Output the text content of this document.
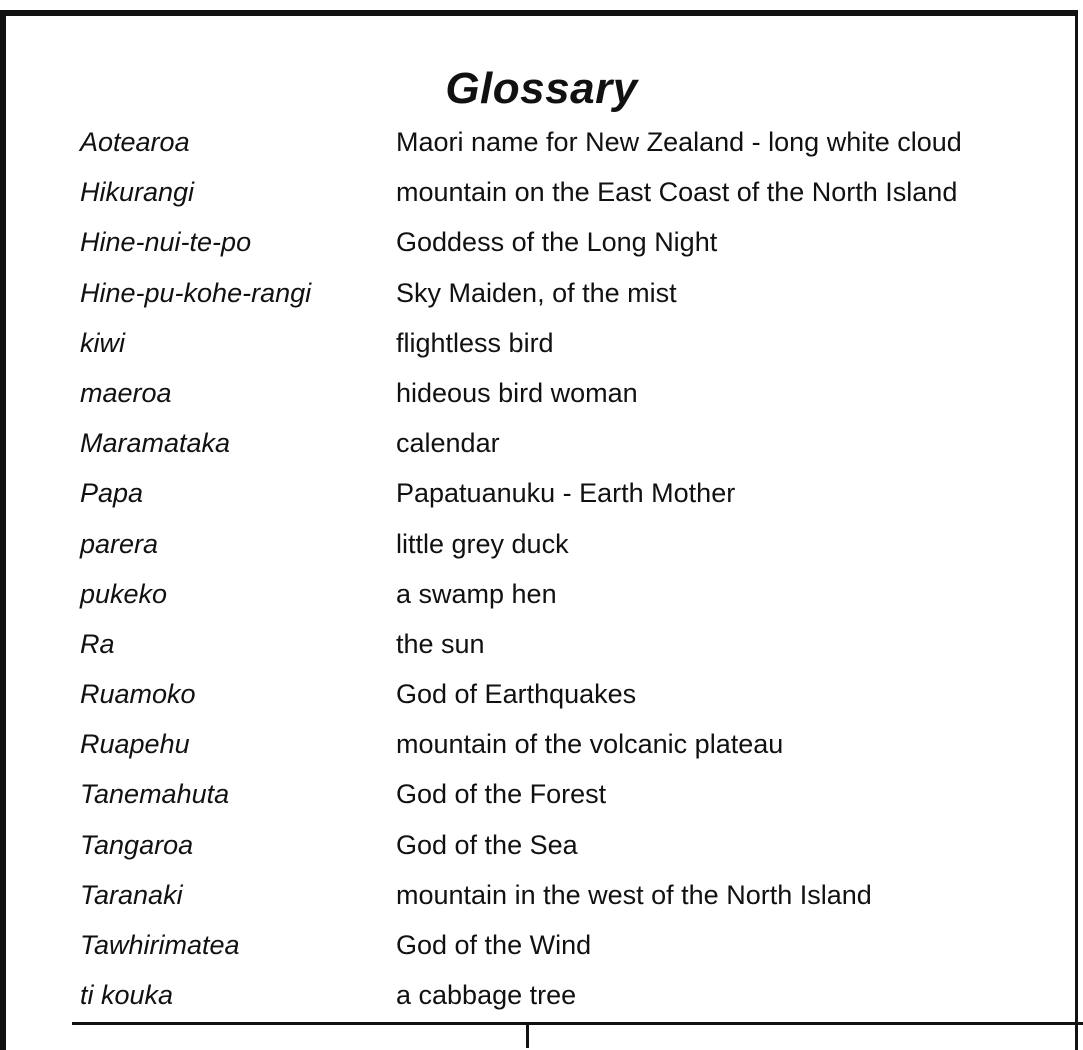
Glossary
Aotearoa	Maori name for New Zealand - long white cloud
Hikurangi	mountain on the East Coast of the North Island
Hine-nui-te-po	Goddess of the Long Night
Hine-pu-kohe-rangi	Sky Maiden, of the mist
kiwi	flightless bird
maeroa	hideous bird woman
Maramataka	calendar
Papa	Papatuanuku - Earth Mother
parera	little grey duck
pukeko	a swamp hen
Ra	the sun
Ruamoko	God of Earthquakes
Ruapehu	mountain of the volcanic plateau
Tanemahuta	God of the Forest
Tangaroa	God of the Sea
Taranaki	mountain in the west of the North Island
Tawhirimatea	God of the Wind
ti kouka	a cabbage tree
